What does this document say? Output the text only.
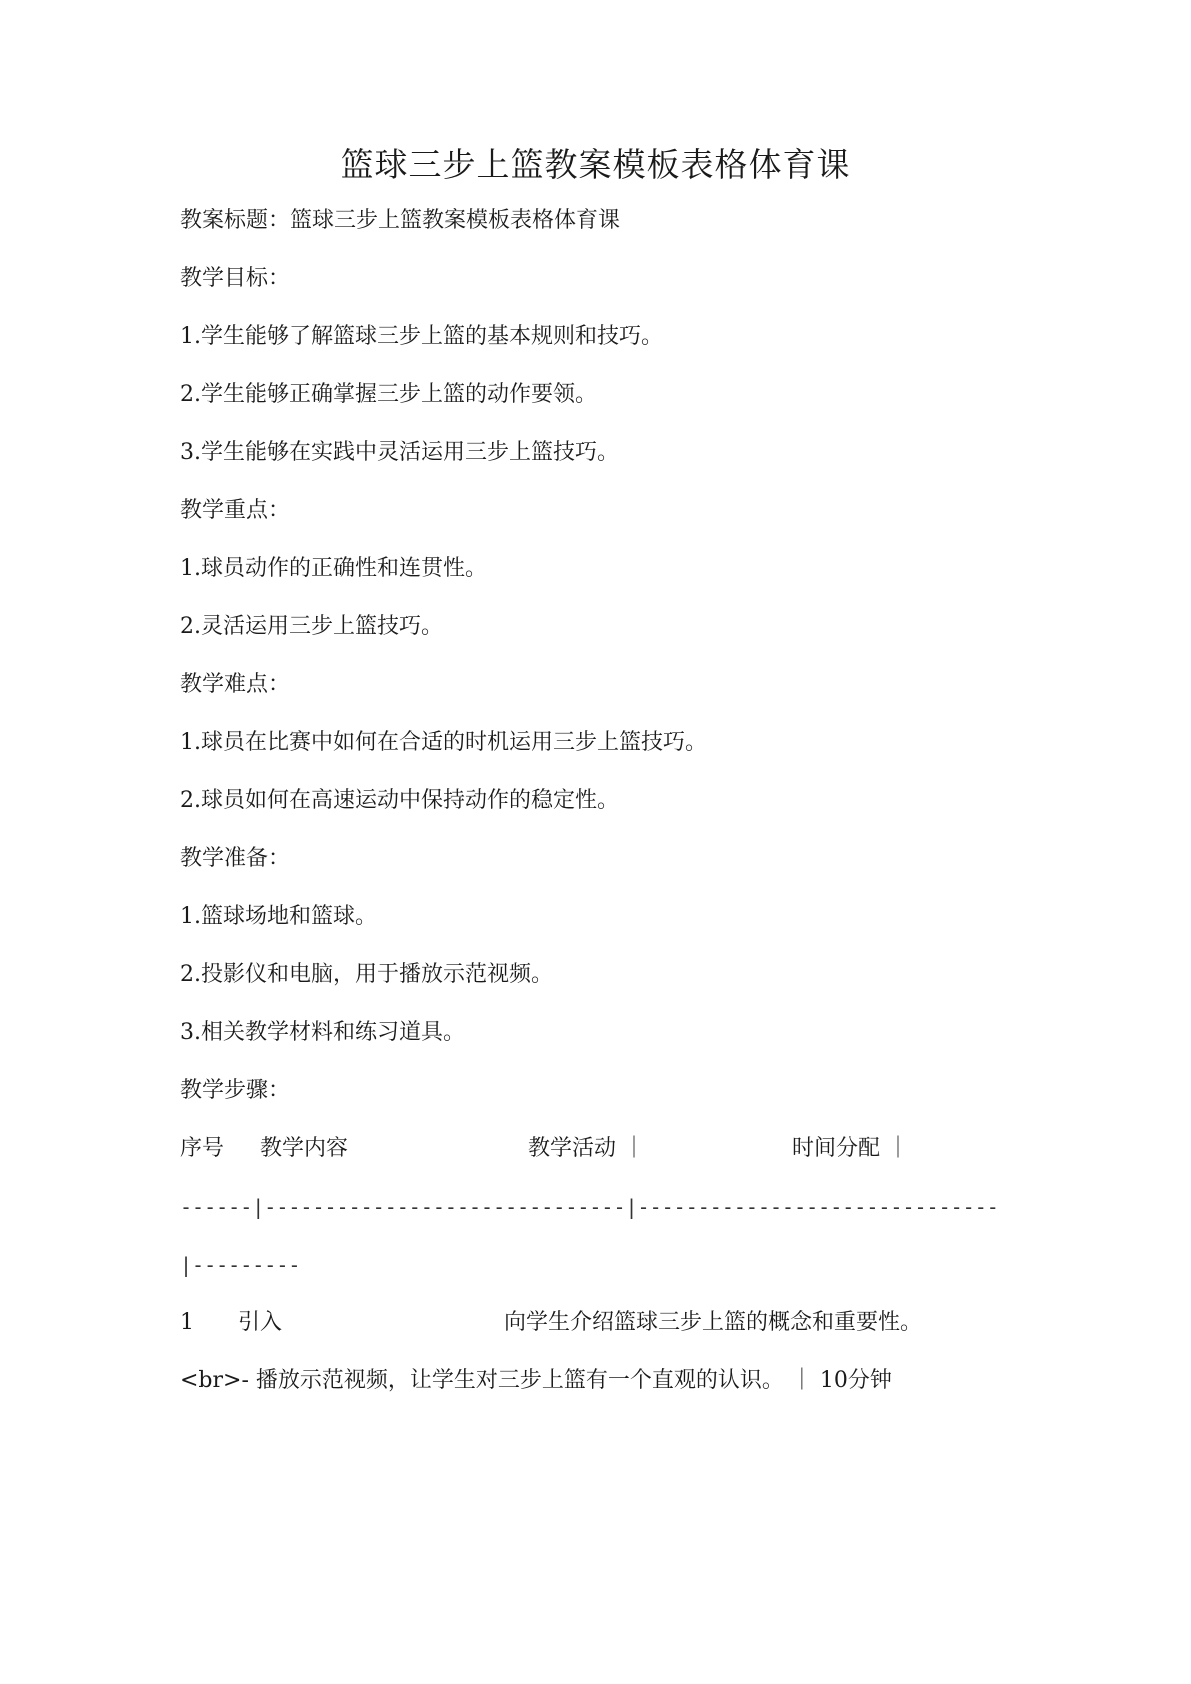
篮球三步上篮教案模板表格体育课
教案标题：篮球三步上篮教案模板表格体育课
教学目标：
1.学生能够了解篮球三步上篮的基本规则和技巧。
2.学生能够正确掌握三步上篮的动作要领。
3.学生能够在实践中灵活运用三步上篮技巧。
教学重点：
1.球员动作的正确性和连贯性。
2.灵活运用三步上篮技巧。
教学难点：
1.球员在比赛中如何在合适的时机运用三步上篮技巧。
2.球员如何在高速运动中保持动作的稳定性。
教学准备：
1.篮球场地和篮球。
2.投影仪和电脑，用于播放示范视频。
3.相关教学材料和练习道具。
教学步骤：
序号 教学内容	教学活动 ｜	时间分配 ｜
------|------------------------------|------------------------------
|---------
1 引入	向学生介绍篮球三步上篮的概念和重要性。
<br>- 播放示范视频，让学生对三步上篮有一个直观的认识。 ｜ 10分钟
